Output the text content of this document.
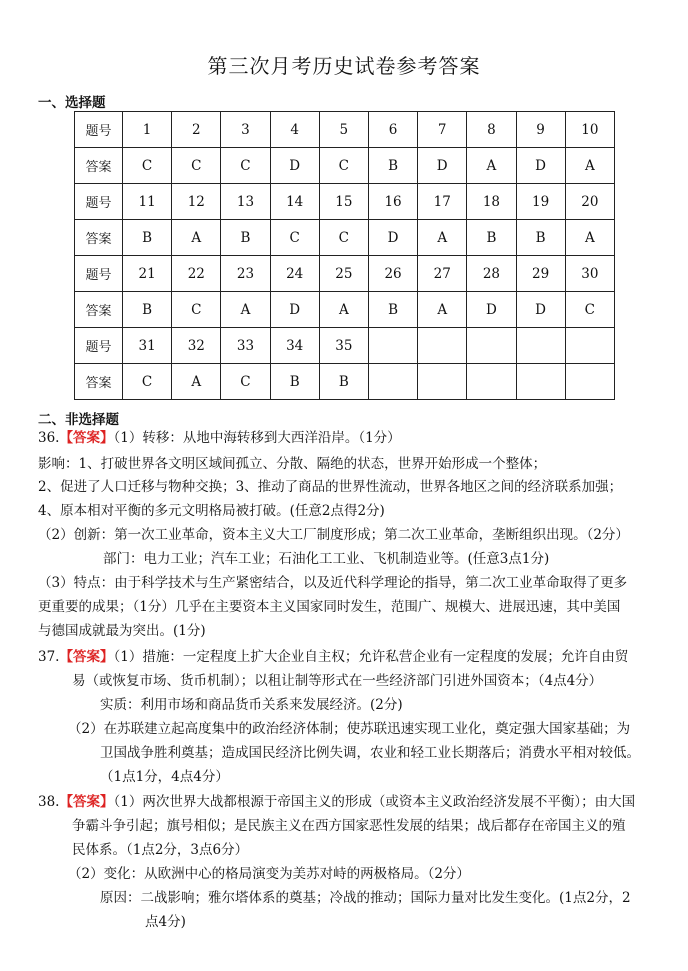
第三次月考历史试卷参考答案
一、选择题
题号	1	2	3	4	5	6	7	8	9	10
答案	C	C	C	D	C	B	D	A	D	A
题号	11	12	13	14	15	16	17	18	19	20
答案	B	A	B	C	C	D	A	B	B	A
题号	21	22	23	24	25	26	27	28	29	30
答案	B	C	A	D	A	B	A	D	D	C
题号	31	32	33	34	35					
答案	C	A	C	B	B					
二、非选择题
36.【答案】（1）转移：从地中海转移到大西洋沿岸。（1分）
影响：1、打破世界各文明区域间孤立、分散、隔绝的状态，世界开始形成一个整体；
2、促进了人口迁移与物种交换；3、推动了商品的世界性流动，世界各地区之间的经济联系加强；
4、原本相对平衡的多元文明格局被打破。(任意2点得2分)
（2）创新：第一次工业革命，资本主义大工厂制度形成；第二次工业革命，垄断组织出现。（2分）
部门：电力工业；汽车工业；石油化工工业、飞机制造业等。(任意3点1分)
（3）特点：由于科学技术与生产紧密结合，以及近代科学理论的指导，第二次工业革命取得了更多
更重要的成果；（1分）几乎在主要资本主义国家同时发生，范围广、规模大、进展迅速，其中美国
与德国成就最为突出。(1分)
37.【答案】（1）措施：一定程度上扩大企业自主权；允许私营企业有一定程度的发展；允许自由贸
易（或恢复市场、货币机制）；以租让制等形式在一些经济部门引进外国资本；（4点4分）
实质：利用市场和商品货币关系来发展经济。(2分)
（2）在苏联建立起高度集中的政治经济体制；使苏联迅速实现工业化，奠定强大国家基础；为
卫国战争胜利奠基；造成国民经济比例失调，农业和轻工业长期落后；消费水平相对较低。
（1点1分，4点4分）
38.【答案】（1）两次世界大战都根源于帝国主义的形成（或资本主义政治经济发展不平衡）；由大国
争霸斗争引起；旗号相似；是民族主义在西方国家恶性发展的结果；战后都存在帝国主义的殖
民体系。（1点2分，3点6分）
（2）变化：从欧洲中心的格局演变为美苏对峙的两极格局。（2分）
原因：二战影响；雅尔塔体系的奠基；冷战的推动；国际力量对比发生变化。(1点2分，2
点4分)
